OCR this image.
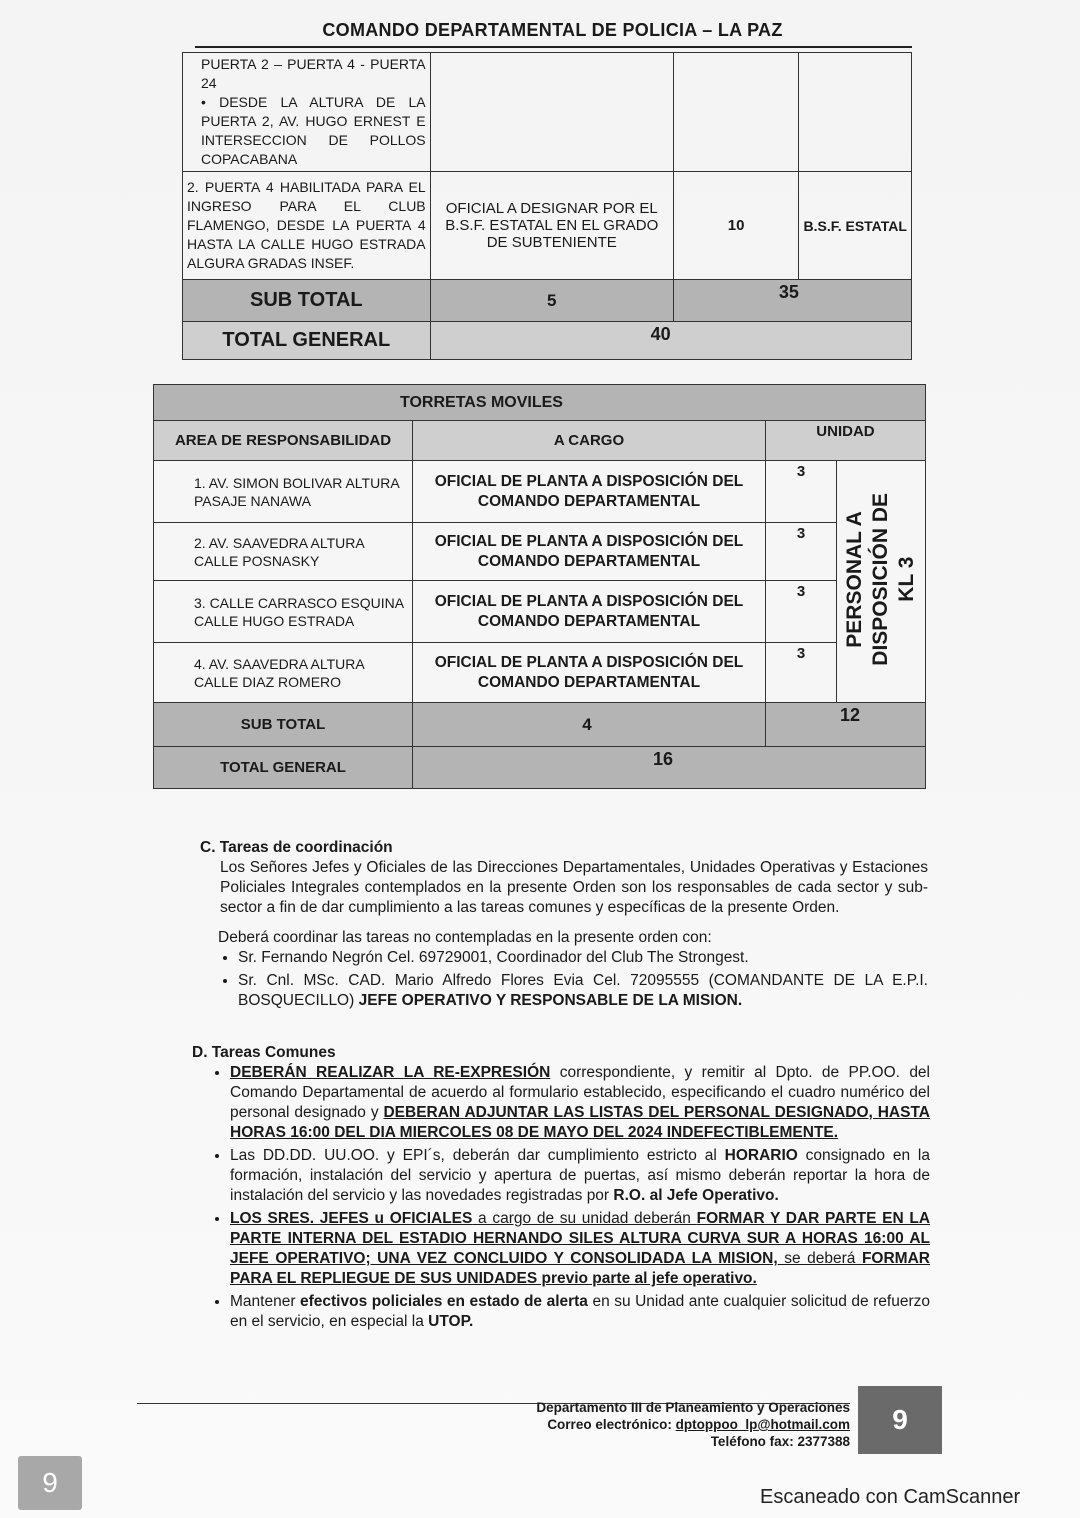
COMANDO DEPARTAMENTAL DE POLICIA – LA PAZ
PUERTA 2 – PUERTA 4 - PUERTA 24
• DESDE LA ALTURA DE LA PUERTA 2, AV. HUGO ERNEST E INTERSECCION DE POLLOS COPACABANA			
2. PUERTA 4 HABILITADA PARA EL INGRESO PARA EL CLUB FLAMENGO, DESDE LA PUERTA 4 HASTA LA CALLE HUGO ESTRADA ALGURA GRADAS INSEF.	OFICIAL A DESIGNAR POR EL B.S.F. ESTATAL EN EL GRADO DE SUBTENIENTE	10	B.S.F. ESTATAL
SUB TOTAL	5	35	
TOTAL GENERAL	40		
TORRETAS MOVILES			
AREA DE RESPONSABILIDAD	A CARGO	UNIDAD	
1. AV. SIMON BOLIVAR ALTURA PASAJE NANAWA	OFICIAL DE PLANTA A DISPOSICIÓN DEL COMANDO DEPARTAMENTAL	3	PERSONAL A
DISPOSICIÓN DE
KL 3
2. AV. SAAVEDRA ALTURA CALLE POSNASKY	OFICIAL DE PLANTA A DISPOSICIÓN DEL COMANDO DEPARTAMENTAL	3	
3. CALLE CARRASCO ESQUINA CALLE HUGO ESTRADA	OFICIAL DE PLANTA A DISPOSICIÓN DEL COMANDO DEPARTAMENTAL	3	
4. AV. SAAVEDRA ALTURA CALLE DIAZ ROMERO	OFICIAL DE PLANTA A DISPOSICIÓN DEL COMANDO DEPARTAMENTAL	3	
SUB TOTAL	4	12	
TOTAL GENERAL	16		

C. Tareas de coordinación

Los Señores Jefes y Oficiales de las Direcciones Departamentales, Unidades Operativas y Estaciones Policiales Integrales contemplados en la presente Orden son los responsables de cada sector y sub-sector a fin de dar cumplimiento a las tareas comunes y específicas de la presente Orden.

Deberá coordinar las tareas no contempladas en la presente orden con:

• Sr. Fernando Negrón Cel. 69729001, Coordinador del Club The Strongest.
• Sr. Cnl. MSc. CAD. Mario Alfredo Flores Evia Cel. 72095555 (COMANDANTE DE LA E.P.I. BOSQUECILLO) JEFE OPERATIVO Y RESPONSABLE DE LA MISION.

D. Tareas Comunes

• DEBERÁN REALIZAR LA RE-EXPRESIÓN correspondiente, y remitir al Dpto. de PP.OO. del Comando Departamental de acuerdo al formulario establecido, especificando el cuadro numérico del personal designado y DEBERAN ADJUNTAR LAS LISTAS DEL PERSONAL DESIGNADO, HASTA HORAS 16:00 DEL DIA MIERCOLES 08 DE MAYO DEL 2024 INDEFECTIBLEMENTE.
• Las DD.DD. UU.OO. y EPI´s, deberán dar cumplimiento estricto al HORARIO consignado en la formación, instalación del servicio y apertura de puertas, así mismo deberán reportar la hora de instalación del servicio y las novedades registradas por R.O. al Jefe Operativo.
• LOS SRES. JEFES u OFICIALES a cargo de su unidad deberán FORMAR Y DAR PARTE EN LA PARTE INTERNA DEL ESTADIO HERNANDO SILES ALTURA CURVA SUR A HORAS 16:00 AL JEFE OPERATIVO; UNA VEZ CONCLUIDO Y CONSOLIDADA LA MISION, se deberá FORMAR PARA EL REPLIEGUE DE SUS UNIDADES previo parte al jefe operativo.
• Mantener efectivos policiales en estado de alerta en su Unidad ante cualquier solicitud de refuerzo en el servicio, en especial la UTOP.
Departamento III de Planeamiento y Operaciones
Correo electrónico: dptoppoo_lp@hotmail.com
Teléfono fax: 2377388
9
9	Escaneado con CamScanner
